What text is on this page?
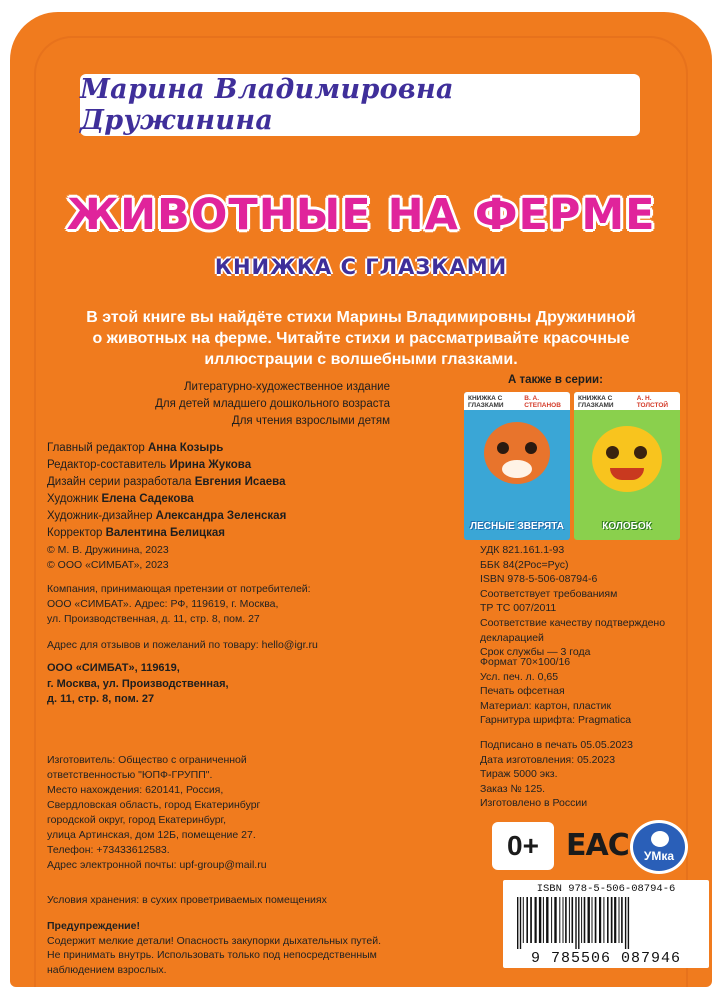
Марина Владимировна Дружинина
ЖИВОТНЫЕ НА ФЕРМЕ
КНИЖКА С ГЛАЗКАМИ
В этой книге вы найдёте стихи Марины Владимировны Дружининой
о животных на ферме. Читайте стихи и рассматривайте красочные
иллюстрации с волшебными глазками.
Литературно-художественное издание
Для детей младшего дошкольного возраста
Для чтения взрослыми детям
Главный редактор Анна Козырь
Редактор-составитель Ирина Жукова
Дизайн серии разработала Евгения Исаева
Художник Елена Садекова
Художник-дизайнер Александра Зеленская
Корректор Валентина Белицкая
© М. В. Дружинина, 2023
© ООО «СИМБАТ», 2023
Компания, принимающая претензии от потребителей:
ООО «СИМБАТ». Адрес: РФ, 119619, г. Москва,
ул. Производственная, д. 11, стр. 8, пом. 27
Адрес для отзывов и пожеланий по товару: hello@igr.ru
ООО «СИМБАТ», 119619,
г. Москва, ул. Производственная,
д. 11, стр. 8, пом. 27
Изготовитель: Общество с ограниченной
ответственностью "ЮПФ-ГРУПП".
Место нахождения: 620141, Россия,
Свердловская область, город Екатеринбург
городской округ, город Екатеринбург,
улица Артинская, дом 12Б, помещение 27.
Телефон: +73433612583.
Адрес электронной почты: upf-group@mail.ru
Условия хранения: в сухих проветриваемых помещениях
Предупреждение!
Содержит мелкие детали! Опасность закупорки дыхательных путей.
Не принимать внутрь. Использовать только под непосредственным
наблюдением взрослых.
А также в серии:
КНИЖКА С ГЛАЗКАМИ
В. А. СТЕПАНОВ
ЛЕСНЫЕ ЗВЕРЯТА
КНИЖКА С ГЛАЗКАМИ
А. Н. ТОЛСТОЙ
КОЛОБОК
УДК 821.161.1-93
ББК 84(2Рос=Рус)
ISBN 978-5-506-08794-6
Соответствует требованиям
ТР ТС 007/2011
Соответствие качеству подтверждено
декларацией
Срок службы — 3 года
Формат 70×100/16
Усл. печ. л. 0,65
Печать офсетная
Материал: картон, пластик
Гарнитура шрифта: Pragmatica
Подписано в печать 05.05.2023
Дата изготовления: 05.2023
Тираж 5000 экз.
Заказ № 125.
Изготовлено в России
0+ EAC УМка
ISBN 978-5-506-08794-6
9 785506 087946
